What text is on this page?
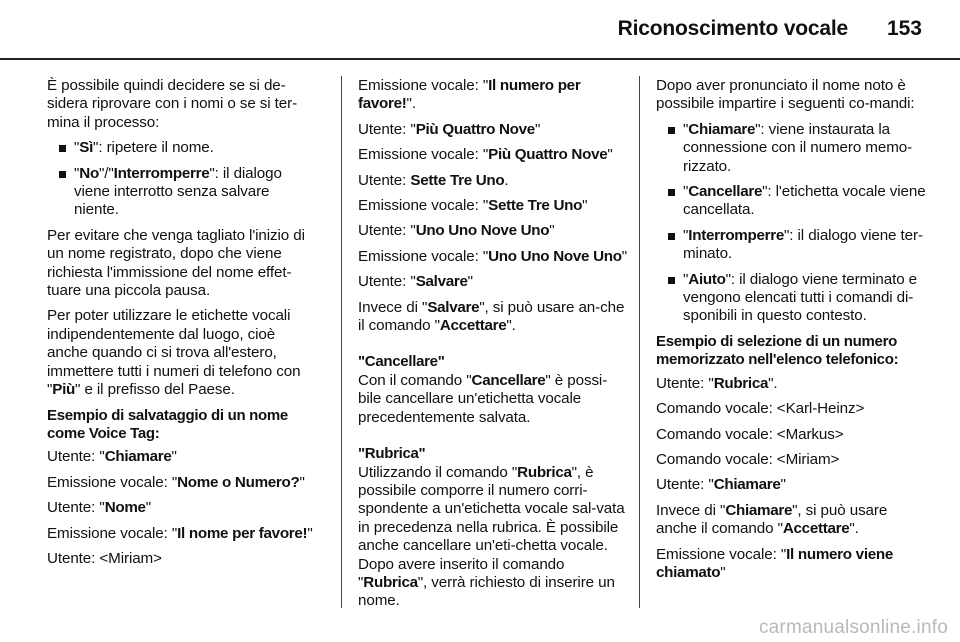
Riconoscimento vocale 153

È possibile quindi decidere se si de-sidera riprovare con i nomi o se si ter-mina il processo:

"Sì": ripetere il nome.
"No"/"Interromperre": il dialogo viene interrotto senza salvare niente.

Per evitare che venga tagliato l'inizio di un nome registrato, dopo che viene richiesta l'immissione del nome effet-tuare una piccola pausa.

Per poter utilizzare le etichette vocali indipendentemente dal luogo, cioè anche quando ci si trova all'estero, immettere tutti i numeri di telefono con "Più" e il prefisso del Paese.

Esempio di salvataggio di un nome come Voice Tag:

Utente: "Chiamare"

Emissione vocale: "Nome o Numero?"

Utente: "Nome"

Emissione vocale: "Il nome per favore!"

Utente: <Miriam>

Emissione vocale: "Il numero per favore!".

Utente: "Più Quattro Nove"

Emissione vocale: "Più Quattro Nove"

Utente: Sette Tre Uno.

Emissione vocale: "Sette Tre Uno"

Utente: "Uno Uno Nove Uno"

Emissione vocale: "Uno Uno Nove Uno"

Utente: "Salvare"

Invece di "Salvare", si può usare an-che il comando "Accettare".

"Cancellare"

Con il comando "Cancellare" è possi-bile cancellare un'etichetta vocale precedentemente salvata.

"Rubrica"

Utilizzando il comando "Rubrica", è possibile comporre il numero corri-spondente a un'etichetta vocale sal-vata in precedenza nella rubrica. È possibile anche cancellare un'eti-chetta vocale. Dopo avere inserito il comando "Rubrica", verrà richiesto di inserire un nome.

Dopo aver pronunciato il nome noto è possibile impartire i seguenti co-mandi:

"Chiamare": viene instaurata la connessione con il numero memo-rizzato.
"Cancellare": l'etichetta vocale viene cancellata.
"Interromperre": il dialogo viene ter-minato.
"Aiuto": il dialogo viene terminato e vengono elencati tutti i comandi di-sponibili in questo contesto.
Esempio di selezione di un numero memorizzato nell'elenco telefonico:

Utente: "Rubrica".

Comando vocale: <Karl-Heinz>

Comando vocale: <Markus>

Comando vocale: <Miriam>

Utente: "Chiamare"

Invece di "Chiamare", si può usare anche il comando "Accettare".

Emissione vocale: "Il numero viene chiamato"

carmanualsonline.info
